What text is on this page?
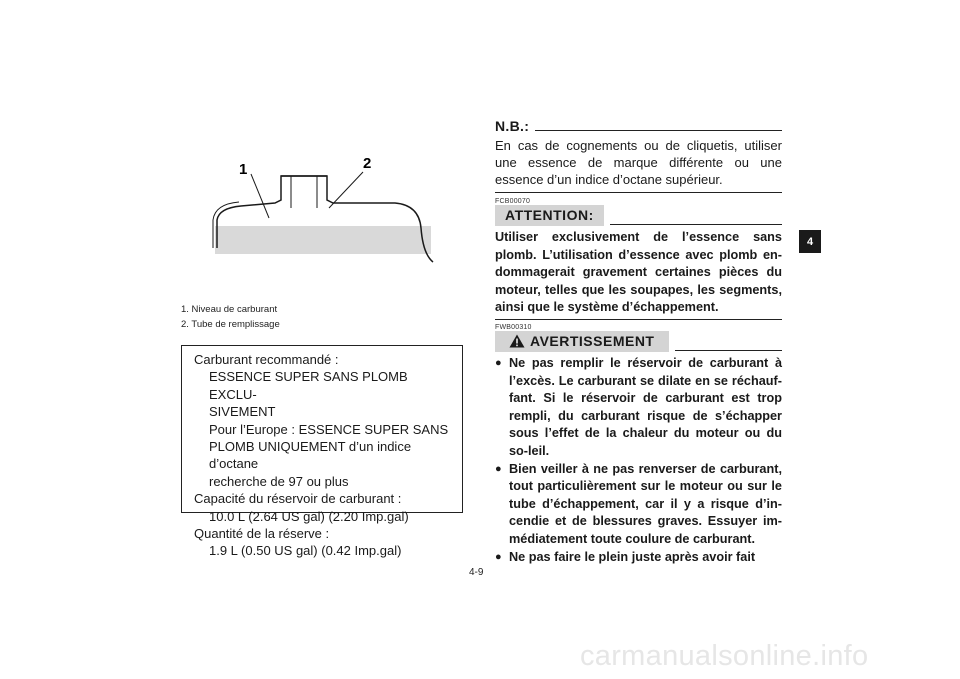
1	2
1. Niveau de carburant
2. Tube de remplissage
Carburant recommandé :
ESSENCE SUPER SANS PLOMB EXCLU-
SIVEMENT
Pour l’Europe : ESSENCE SUPER SANS
PLOMB UNIQUEMENT d’un indice d’octane
recherche de 97 ou plus
Capacité du réservoir de carburant :
10.0 L (2.64 US gal) (2.20 Imp.gal)
Quantité de la réserve :
1.9 L (0.50 US gal) (0.42 Imp.gal)
N.B.:
En cas de cognements ou de cliquetis, utiliser une essence de marque différente ou une essence d’un indice d’octane supérieur.
FCB00070
ATTENTION:
Utiliser exclusivement de l’essence sans plomb. L’utilisation d’essence avec plomb en-dommagerait gravement certaines pièces du moteur, telles que les soupapes, les segments, ainsi que le système d’échappement.
FWB00310
AVERTISSEMENT
● Ne pas remplir le réservoir de carburant à l’excès. Le carburant se dilate en se réchauf-fant. Si le réservoir de carburant est trop rempli, du carburant risque de s’échapper sous l’effet de la chaleur du moteur ou du so-leil.
● Bien veiller à ne pas renverser de carburant, tout particulièrement sur le moteur ou sur le tube d’échappement, car il y a risque d’in-cendie et de blessures graves. Essuyer im-médiatement toute coulure de carburant.
● Ne pas faire le plein juste après avoir fait
4
4-9
carmanualsonline.info
